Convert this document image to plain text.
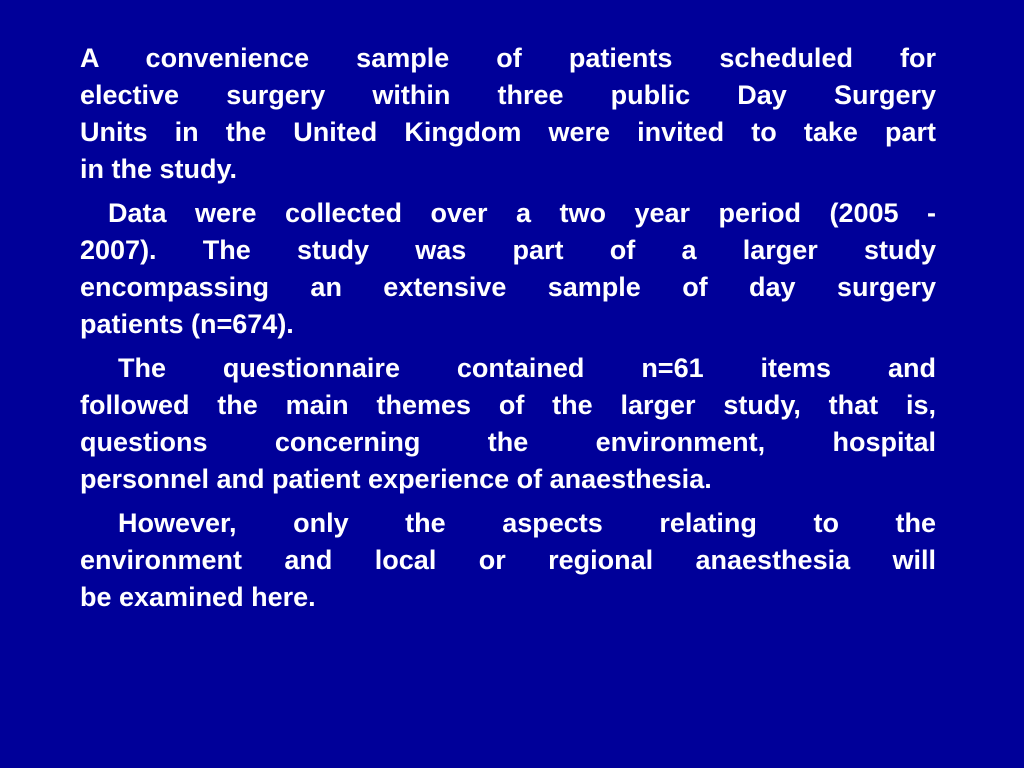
A convenience sample of patients scheduled for
elective surgery within three public Day Surgery
Units in the United Kingdom were invited to take part
in the study.
Data were collected over a two year period (2005 -
2007). The study was part of a larger study
encompassing an extensive sample of day surgery
patients (n=674).
The questionnaire contained n=61 items and
followed the main themes of the larger study, that is,
questions concerning the environment, hospital
personnel and patient experience of anaesthesia.
However, only the aspects relating to the
environment and local or regional anaesthesia will
be examined here.
